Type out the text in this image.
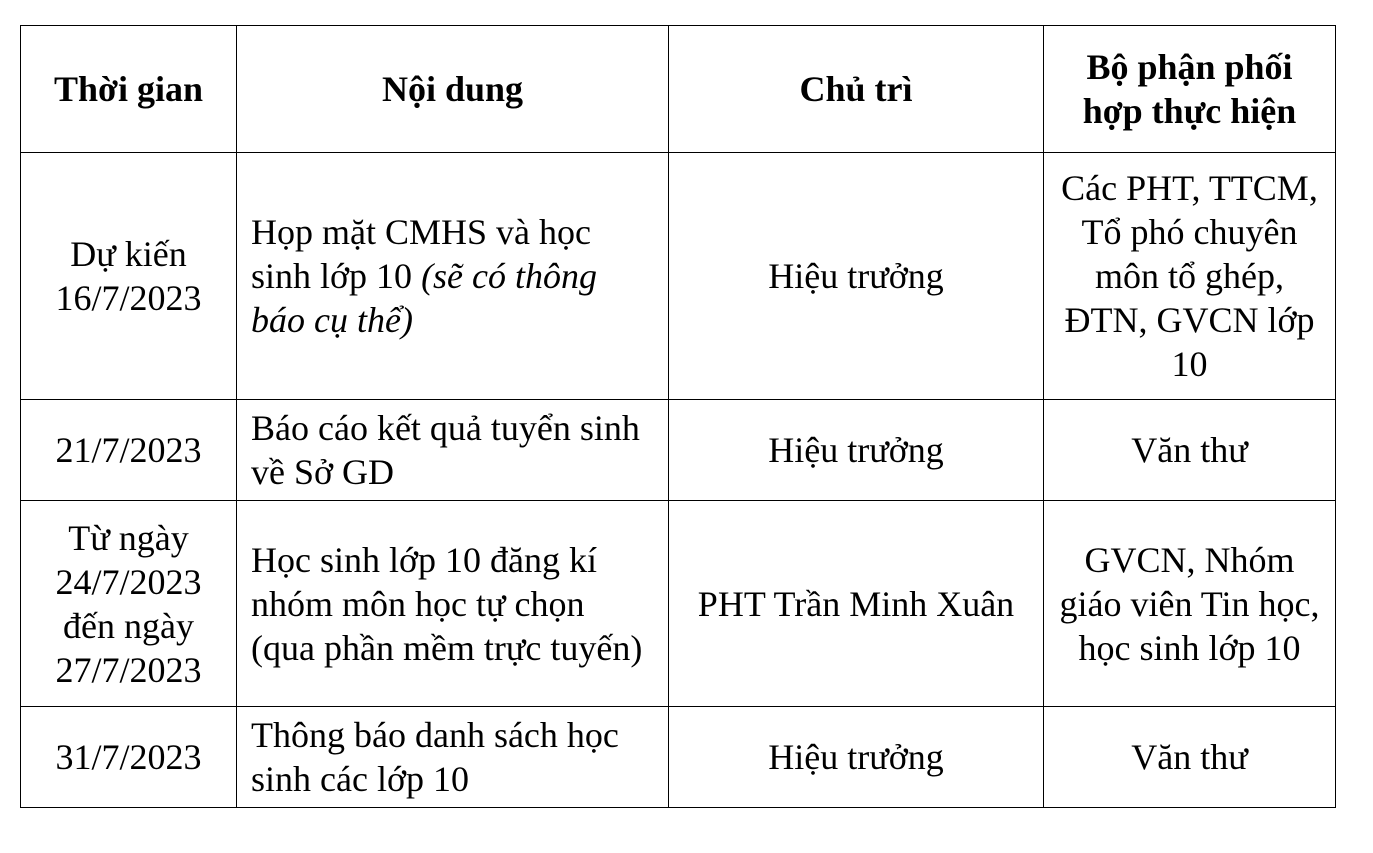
Thời gian	Nội dung	Chủ trì	Bộ phận phối
hợp thực hiện
Dự kiến
16/7/2023	Họp mặt CMHS và học sinh lớp 10 (sẽ có thông báo cụ thể)	Hiệu trưởng	Các PHT, TTCM, Tổ phó chuyên môn tổ ghép, ĐTN, GVCN lớp 10
21/7/2023	Báo cáo kết quả tuyển sinh về Sở GD	Hiệu trưởng	Văn thư
Từ ngày
24/7/2023
đến ngày
27/7/2023	Học sinh lớp 10 đăng kí nhóm môn học tự chọn (qua phần mềm trực tuyến)	PHT Trần Minh Xuân	GVCN, Nhóm giáo viên Tin học, học sinh lớp 10
31/7/2023	Thông báo danh sách học sinh các lớp 10	Hiệu trưởng	Văn thư
